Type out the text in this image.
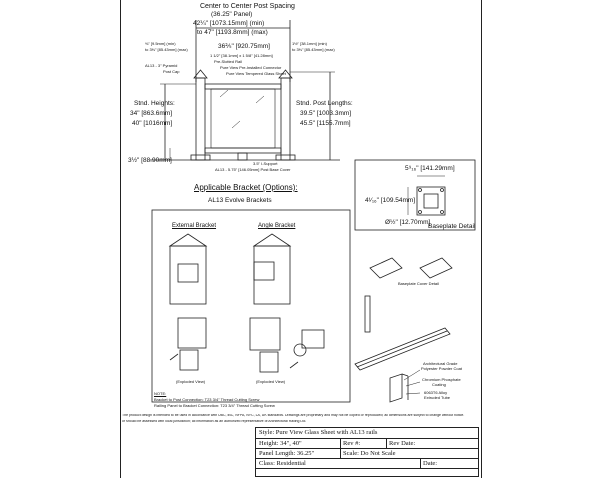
Center to Center Post Spacing
(36.25" Panel)
42¼" [1073.15mm] (min)
to 47" [1193.8mm] (max)
⅜" [9.5mm] (min)
to 3⅜" [85.43mm] (max)
1½" [38.1mm] (min)
to 3⅜" [85.43mm] (max)
36⅖" [920.75mm]
1 1/2" [38.1mm] x 1 5/8" [41.28mm]
Pre-Slotted Rail
AL13 - 3" Pyramid
Post Cap
Pure View Pre-Installed Connector
Pure View Tempered Glass Sheet
Stnd. Heights:
34" [863.6mm]
40" [1016mm]
Stnd. Post Lengths:
39.5" [1003.3mm]
45.5" [1155.7mm]
3½" [88.90mm]	3.5" I-Support
AL13 - 5.75" [146.05mm] Post Base Cover
Applicable Bracket (Options):
AL13 Evolve Brackets
External Bracket	Angle Bracket
(Exploded View)	(Exploded View)
NOTE:
Bracket to Post Connection: T23 3/4" Thread Cutting Screw
Railing Panel to Bracket Connection: T23 3/4" Thread Cutting Screw
5⁹₁₆" [141.29mm]
4¹⁄₁₆" [109.54mm]
Ø½" [12.70mm]
Baseplate Detail
Baseplate Cover Detail
Architectural Grade
Polyester Powder Coat
Chromium Phosphate
Coating
6063T6 Alloy
Extruded Tube
The product design is intended to be used in accordance with UBC, IBC, NFPA, NYC, LA, UK standards. Drawings are proprietary and may not be copied or reproduced; all dimensions are subject to change without notice.
or should be assessed with local jurisdiction; all information as an authorized representative of Architectural Railing Ltd.
Style: Pure View Glass Sheet with AL13 rails
Height: 34", 40"	Rev #:	Rev Date:
Panel Length: 36.25"	Scale: Do Not Scale
Class: Residential	Date:
